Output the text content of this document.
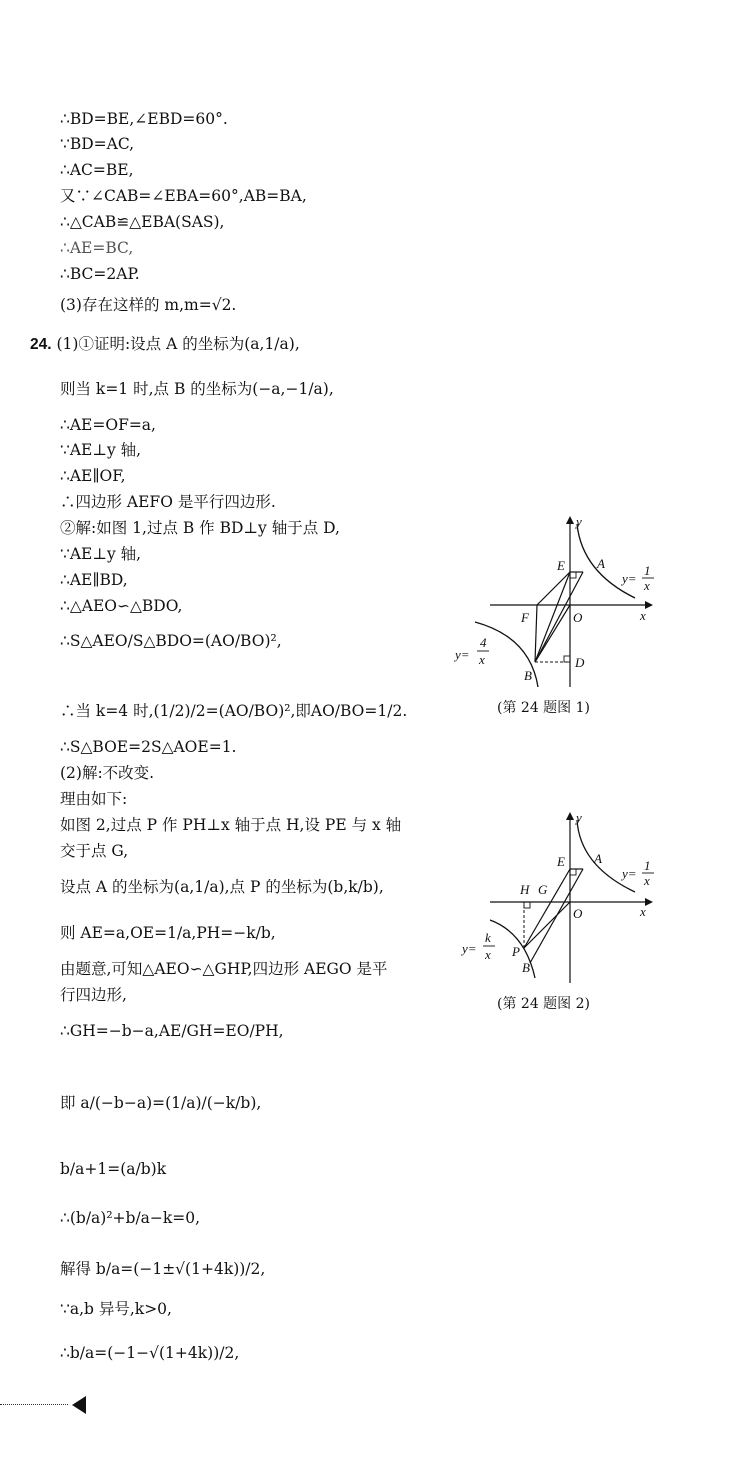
∴BD=BE,∠EBD=60°.
∵BD=AC,
∴AC=BE,
又∵∠CAB=∠EBA=60°,AB=BA,
∴△CAB≌△EBA(SAS),
∴AE=BC,
∴BC=2AP.
(3)存在这样的 m,m=√2.
24. (1)①证明:设点 A 的坐标为(a,1/a),
则当 k=1 时,点 B 的坐标为(−a,−1/a),
∴AE=OF=a,
∵AE⊥y 轴,
∴AE∥OF,
∴四边形 AEFO 是平行四边形.
②解:如图 1,过点 B 作 BD⊥y 轴于点 D,
∵AE⊥y 轴,
∴AE∥BD,
∴△AEO∽△BDO,
∴S△AEO/S△BDO=(AO/BO)²,
∴当 k=4 时,(1/2)/2=(AO/BO)²,即AO/BO=1/2.
∴S△BOE=2S△AOE=1.
(2)解:不改变.
理由如下:
如图 2,过点 P 作 PH⊥x 轴于点 H,设 PE 与 x 轴
交于点 G,
设点 A 的坐标为(a,1/a),点 P 的坐标为(b,k/b),
则 AE=a,OE=1/a,PH=−k/b,
由题意,可知△AEO∽△GHP,四边形 AEGO 是平
行四边形,
∴GH=−b−a,AE/GH=EO/PH,
即 a/(−b−a)=(1/a)/(−k/b),
b/a+1=(a/b)k
∴(b/a)²+b/a−k=0,
解得 b/a=(−1±√(1+4k))/2,
∵a,b 异号,k>0,
∴b/a=(−1−√(1+4k))/2,
y
x
E A
F	O
B
D
y=
1
x
y=
4
x
(第 24 题图 1)
y
x
E A
H G
O
P
B
y=
1
x
y=
k
x
(第 24 题图 2)
